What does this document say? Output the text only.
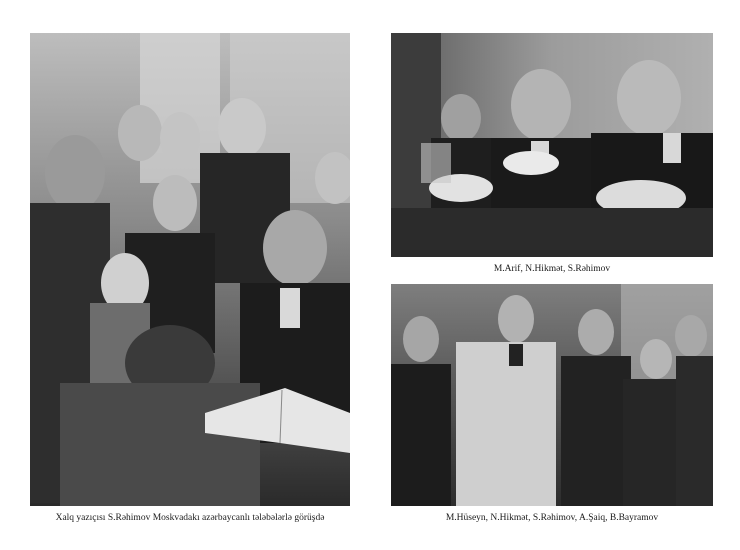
Xalq yazıçısı S.Rəhimov Moskvadakı azərbaycanlı tələbələrlə görüşdə
M.Arif, N.Hikmət, S.Rəhimov
M.Hüseyn, N.Hikmət, S.Rəhimov, A.Şaiq, B.Bayramov
